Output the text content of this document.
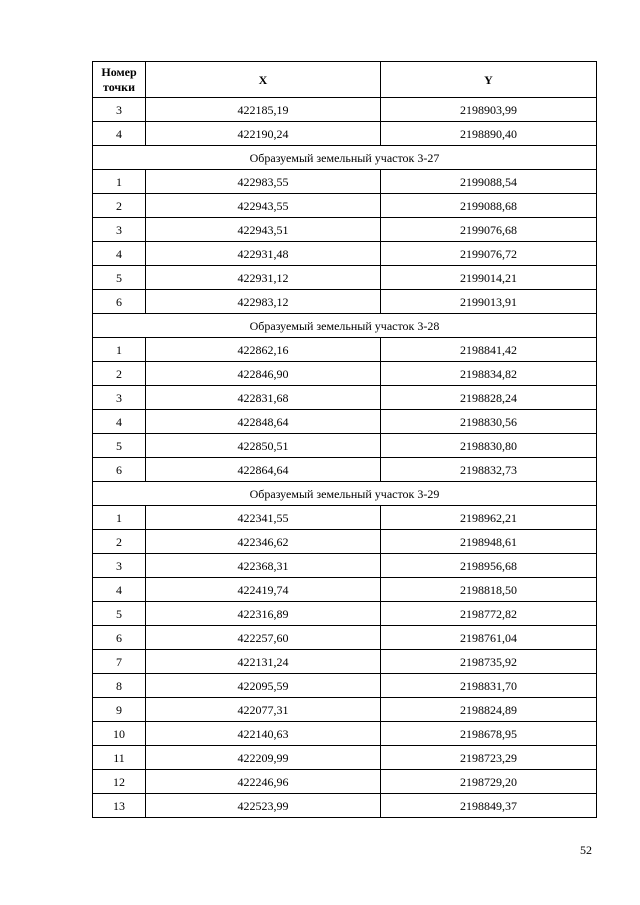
Номер точки	X	Y
3	422185,19	2198903,99
4	422190,24	2198890,40
Образуемый земельный участок 3-27		
1	422983,55	2199088,54
2	422943,55	2199088,68
3	422943,51	2199076,68
4	422931,48	2199076,72
5	422931,12	2199014,21
6	422983,12	2199013,91
Образуемый земельный участок 3-28		
1	422862,16	2198841,42
2	422846,90	2198834,82
3	422831,68	2198828,24
4	422848,64	2198830,56
5	422850,51	2198830,80
6	422864,64	2198832,73
Образуемый земельный участок 3-29		
1	422341,55	2198962,21
2	422346,62	2198948,61
3	422368,31	2198956,68
4	422419,74	2198818,50
5	422316,89	2198772,82
6	422257,60	2198761,04
7	422131,24	2198735,92
8	422095,59	2198831,70
9	422077,31	2198824,89
10	422140,63	2198678,95
11	422209,99	2198723,29
12	422246,96	2198729,20
13	422523,99	2198849,37
52
